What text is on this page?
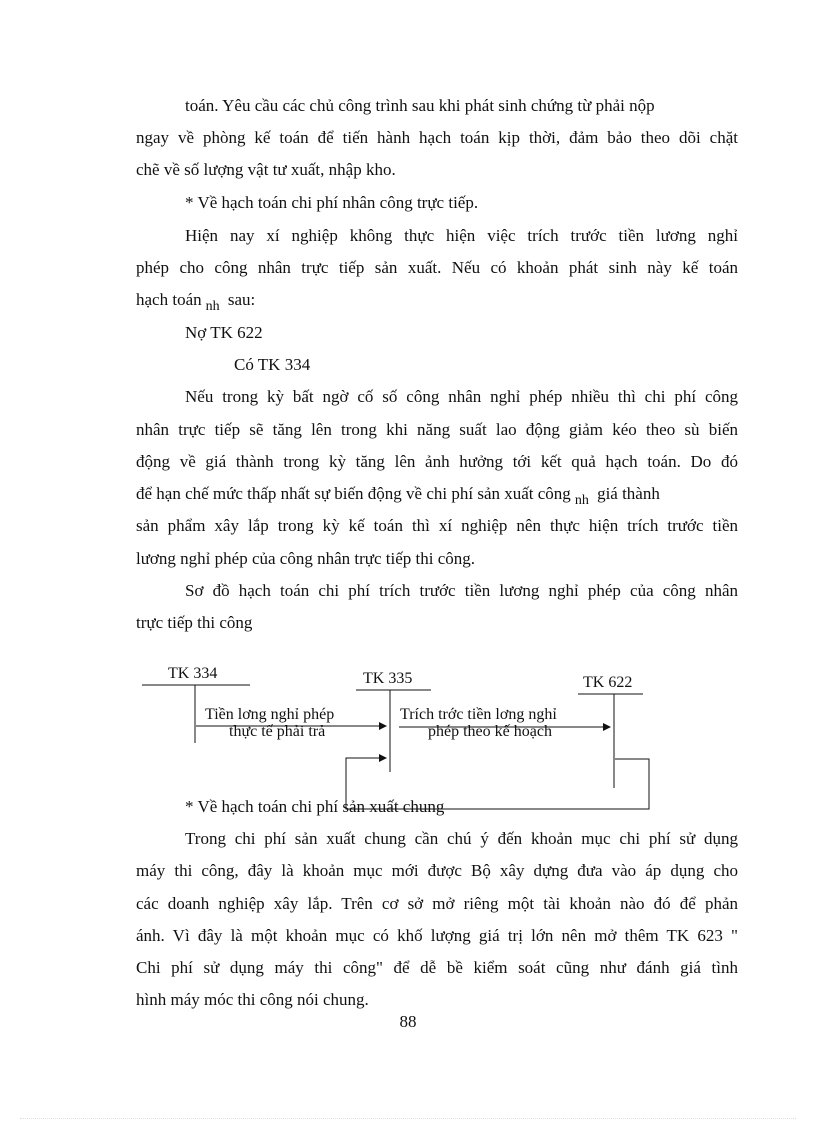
toán. Yêu cầu các chủ công trình sau khi phát sinh chứng từ phải nộp
ngay về phòng kế toán để tiến hành hạch toán kịp thời, đảm bảo theo dõi chặt
chẽ về số lượng vật tư xuất, nhập kho.
* Về hạch toán chi phí nhân công trực tiếp.
Hiện nay xí nghiệp không thực hiện việc trích trước tiền lương nghỉ
phép cho công nhân trực tiếp sản xuất. Nếu có khoản phát sinh này kế toán
hạch toán $_{nh}$ sau:
Nợ TK 622
Có TK 334
Nếu trong kỳ bất ngờ cố số công nhân nghỉ phép nhiều thì chi phí công
nhân trực tiếp sẽ tăng lên trong khi năng suất lao động giảm kéo theo sù biến
động về giá thành trong kỳ tăng lên ảnh hưởng tới kết quả hạch toán. Do đó
để hạn chế mức thấp nhất sự biến động về chi phí sản xuất công $_{nh}$ giá thành
sản phẩm xây lắp trong kỳ kế toán thì xí nghiệp nên thực hiện trích trước tiền
lương nghỉ phép của công nhân trực tiếp thi công.
Sơ đồ hạch toán chi phí trích trước tiền lương nghỉ phép của công nhân
trực tiếp thi công
TK 334	TK 335	TK 622
Tiền lơng nghỉ phép
thực tế phải trả
Trích trớc tiền lơng nghỉ
phép theo kế hoạch
* Về hạch toán chi phí sản xuất chung
Trong chi phí sản xuất chung cần chú ý đến khoản mục chi phí sử dụng
máy thi công, đây là khoản mục mới được Bộ xây dựng đưa vào áp dụng cho
các doanh nghiệp xây lắp. Trên cơ sở mở riêng một tài khoản nào đó để phản
ánh. Vì đây là một khoản mục có khố lượng giá trị lớn nên mở thêm TK 623 "
Chi phí sử dụng máy thi công" để dễ bề kiểm soát cũng như đánh giá tình
hình máy móc thi công nói chung.
88
